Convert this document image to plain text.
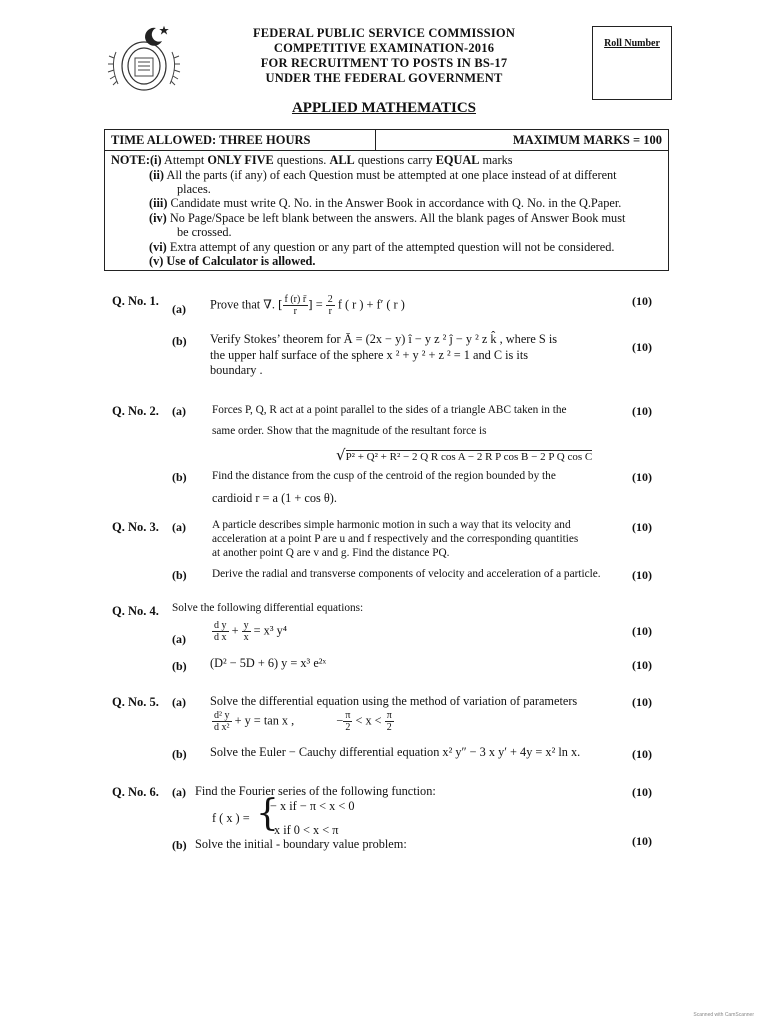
FEDERAL PUBLIC SERVICE COMMISSION
COMPETITIVE EXAMINATION-2016
FOR RECRUITMENT TO POSTS IN BS-17
UNDER THE FEDERAL GOVERNMENT
Roll Number
APPLIED MATHEMATICS
TIME ALLOWED: THREE HOURS	MAXIMUM MARKS = 100
NOTE:(i) Attempt ONLY FIVE questions. ALL questions carry EQUAL marks
(ii) All the parts (if any) of each Question must be attempted at one place instead of at different
places.
(iii) Candidate must write Q. No. in the Answer Book in accordance with Q. No. in the Q.Paper.
(iv) No Page/Space be left blank between the answers. All the blank pages of Answer Book must
be crossed.
(vi) Extra attempt of any question or any part of the attempted question will not be considered.
(v) Use of Calculator is allowed.
Q. No. 1.
(a) Prove that ∇. [ $\frac{f (r) r̄}{r}$ ] = $\frac{2}{r}$ f ( r ) + f′ ( r )	(10)
(b) Verify Stokes’ theorem for Ā = (2x − y) î − y z ² ĵ − y ² z k̂ , where S is
the upper half surface of the sphere x ² + y ² + z ² = 1 and C is its
boundary .
(10)
Q. No. 2. (a) Forces P, Q, R act at a point parallel to the sides of a triangle ABC taken in the
same order. Show that the magnitude of the resultant force is
√P² + Q² + R² − 2 Q R cos A − 2 R P cos B − 2 P Q cos C
(10)
(b) Find the distance from the cusp of the centroid of the region bounded by the
cardioid r = a (1 + cos θ).
(10)
Q. No. 3. (a) A particle describes simple harmonic motion in such a way that its velocity and
acceleration at a point P are u and f respectively and the corresponding quantities
at another point Q are v and g. Find the distance PQ.
(10)
(b) Derive the radial and transverse components of velocity and acceleration of a particle.	(10)
Q. No. 4. Solve the following differential equations:
(a)	$\frac{\text{d y}}{\text{d x}} + \frac{y}{x} = x^3$ y⁴	(10)
(b) (D² − 5D + 6) y = x³ e²ˣ	(10)
Q. No. 5. (a) Solve the differential equation using the method of variation of parameters
$\frac{\text{d² y}}{\text{d x²}} + y = \tan x$ ,	− $\frac{\pi}{2} < x < \frac{\pi}{2}$
(10)
(b) Solve the Euler − Cauchy differential equation x² y″ − 3 x y′ + 4y = x² ln x.	(10)
Q. No. 6. (a) Find the Fourier series of the following function:
f ( x ) = {
− x if − π < x < 0
x if 0 < x < π
(10)
(b) Solve the initial - boundary value problem:	(10)
Scanned with CamScanner
